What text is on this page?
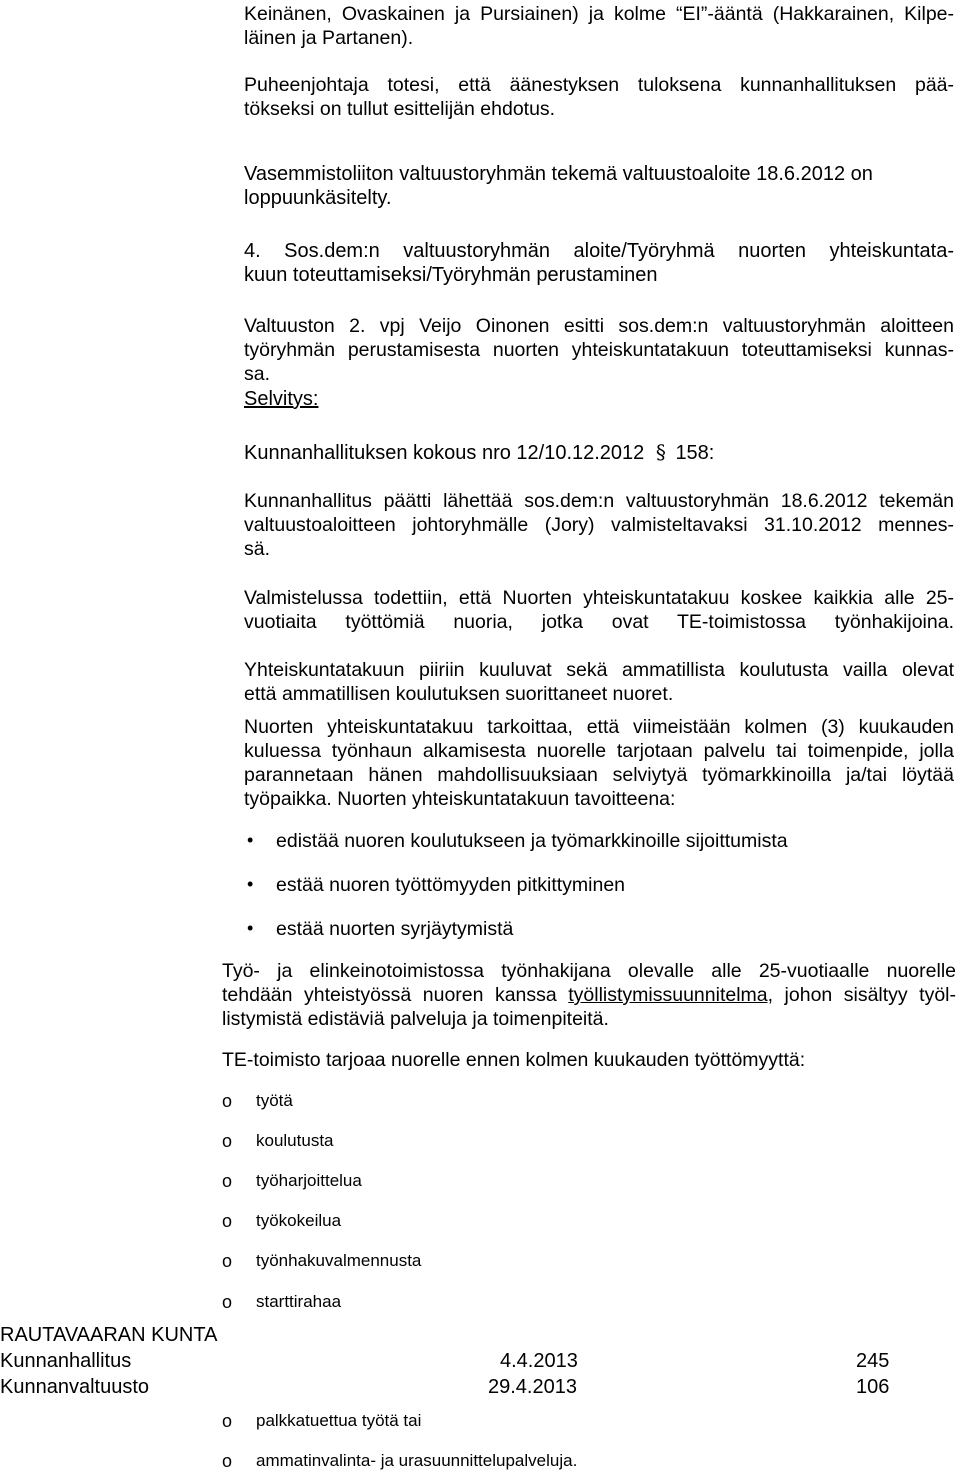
Keinänen, Ovaskainen ja Pursiainen) ja kolme “EI”-ääntä (Hakkarainen, Kilpe-
läinen ja Partanen).
Puheenjohtaja totesi, että äänestyksen tuloksena kunnanhallituksen pää-
tökseksi on tullut esittelijän ehdotus.
Vasemmistoliiton valtuustoryhmän tekemä valtuustoaloite 18.6.2012 on
loppuunkäsitelty.
4. Sos.dem:n valtuustoryhmän aloite/Työryhmä nuorten yhteiskuntata-
kuun toteuttamiseksi/Työryhmän perustaminen
Valtuuston 2. vpj Veijo Oinonen esitti sos.dem:n valtuustoryhmän aloitteen
työryhmän perustamisesta nuorten yhteiskuntatakuun toteuttamiseksi kunnas-
sa.
Selvitys:
Kunnanhallituksen kokous nro 12/10.12.2012 § 158:
Kunnanhallitus päätti lähettää sos.dem:n valtuustoryhmän 18.6.2012 tekemän
valtuustoaloitteen johtoryhmälle (Jory) valmisteltavaksi 31.10.2012 mennes-
sä.
Valmistelussa todettiin, että Nuorten yhteiskuntatakuu koskee kaikkia alle 25-
vuotiaita työttömiä nuoria, jotka ovat TE-toimistossa työnhakijoina.
Yhteiskuntatakuun piiriin kuuluvat sekä ammatillista koulutusta vailla olevat
että ammatillisen koulutuksen suorittaneet nuoret.
Nuorten yhteiskuntatakuu tarkoittaa, että viimeistään kolmen (3) kuukauden
kuluessa työnhaun alkamisesta nuorelle tarjotaan palvelu tai toimenpide, jolla
parannetaan hänen mahdollisuuksiaan selviytyä työmarkkinoilla ja/tai löytää
työpaikka. Nuorten yhteiskuntatakuun tavoitteena:
• edistää nuoren koulutukseen ja työmarkkinoille sijoittumista
• estää nuoren työttömyyden pitkittyminen
• estää nuorten syrjäytymistä
Työ- ja elinkeinotoimistossa työnhakijana olevalle alle 25-vuotiaalle nuorelle
tehdään yhteistyössä nuoren kanssa työllistymissuunnitelma, johon sisältyy työl-
listymistä edistäviä palveluja ja toimenpiteitä.
TE-toimisto tarjoaa nuorelle ennen kolmen kuukauden työttömyyttä:
o työtä
o koulutusta
o työharjoittelua
o työkokeilua
o työnhakuvalmennusta
o starttirahaa
RAUTAVAARAN KUNTA
Kunnanhallitus	4.4.2013	245
Kunnanvaltuusto	29.4.2013	106
o palkkatuettua työtä tai
o ammatinvalinta- ja urasuunnittelupalveluja.
